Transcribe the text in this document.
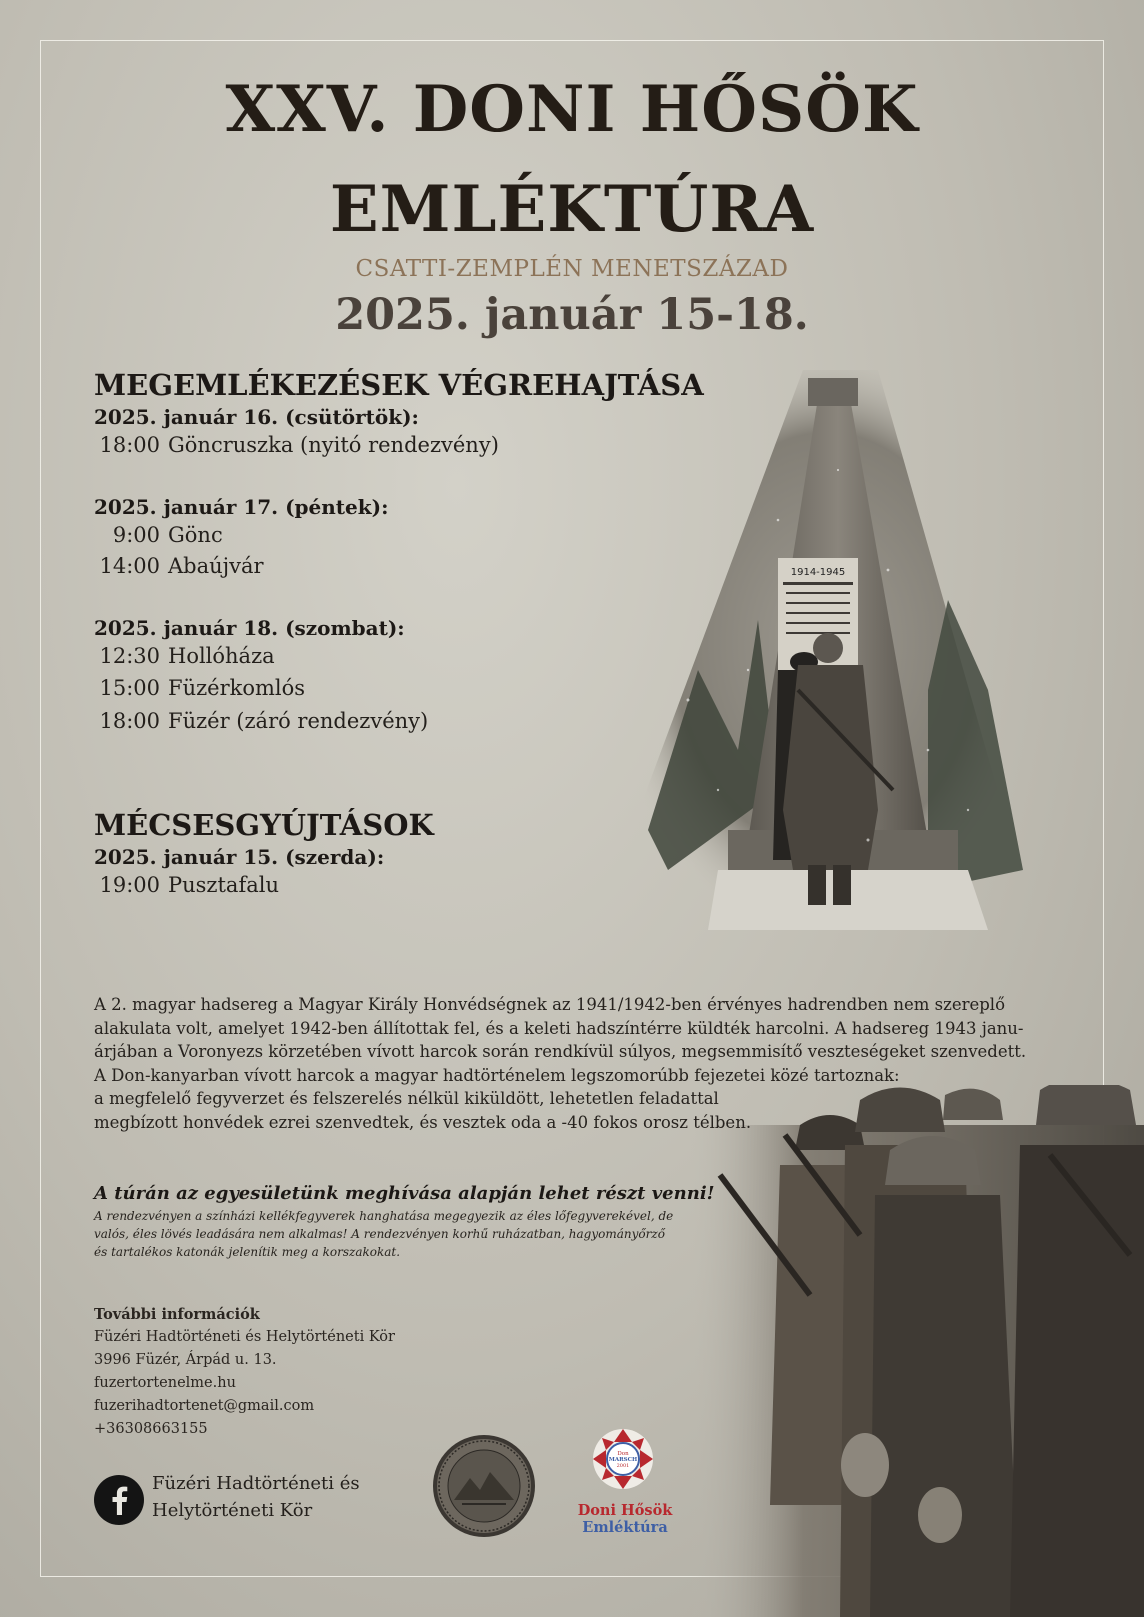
XXV. DONI HŐSÖK
EMLÉKTÚRA
CSATTI-ZEMPLÉN MENETSZÁZAD
2025. január 15-18.
1914-1945
MEGEMLÉKEZÉSEK VÉGREHAJTÁSA
2025. január 16. (csütörtök):
18:00 Göncruszka (nyitó rendezvény)
2025. január 17. (péntek):
9:00 Gönc
14:00 Abaújvár
2025. január 18. (szombat):
12:30 Hollóháza
15:00 Füzérkomlós
18:00 Füzér (záró rendezvény)
MÉCSESGYÚJTÁSOK
2025. január 15. (szerda):
19:00 Pusztafalu
A 2. magyar hadsereg a Magyar Király Honvédségnek az 1941/1942-ben érvényes hadrendben nem szereplő
alakulata volt, amelyet 1942-ben állítottak fel, és a keleti hadszíntérre küldték harcolni. A hadsereg 1943 janu-
árjában a Voronyezs körzetében vívott harcok során rendkívül súlyos, megsemmisítő veszteségeket szenvedett.
A Don-kanyarban vívott harcok a magyar hadtörténelem legszomorúbb fejezetei közé tartoznak:
a megfelelő fegyverzet és felszerelés nélkül kiküldött, lehetetlen feladattal
megbízott honvédek ezrei szenvedtek, és vesztek oda a -40 fokos orosz télben.
A túrán az egyesületünk meghívása alapján lehet részt venni!
A rendezvényen a színházi kellékfegyverek hanghatása megegyezik az éles lőfegyverekével, de
valós, éles lövés leadására nem alkalmas! A rendezvényen korhű ruházatban, hagyományőrző
és tartalékos katonák jelenítik meg a korszakokat.
További információk
Füzéri Hadtörténeti és Helytörténeti Kör
3996 Füzér, Árpád u. 13.
fuzertortenelme.hu
fuzerihadtortenet@gmail.com
+36308663155
Füzéri Hadtörténeti és
Helytörténeti Kör
Don
MARSCH
2001
Doni Hősök
Emléktúra
